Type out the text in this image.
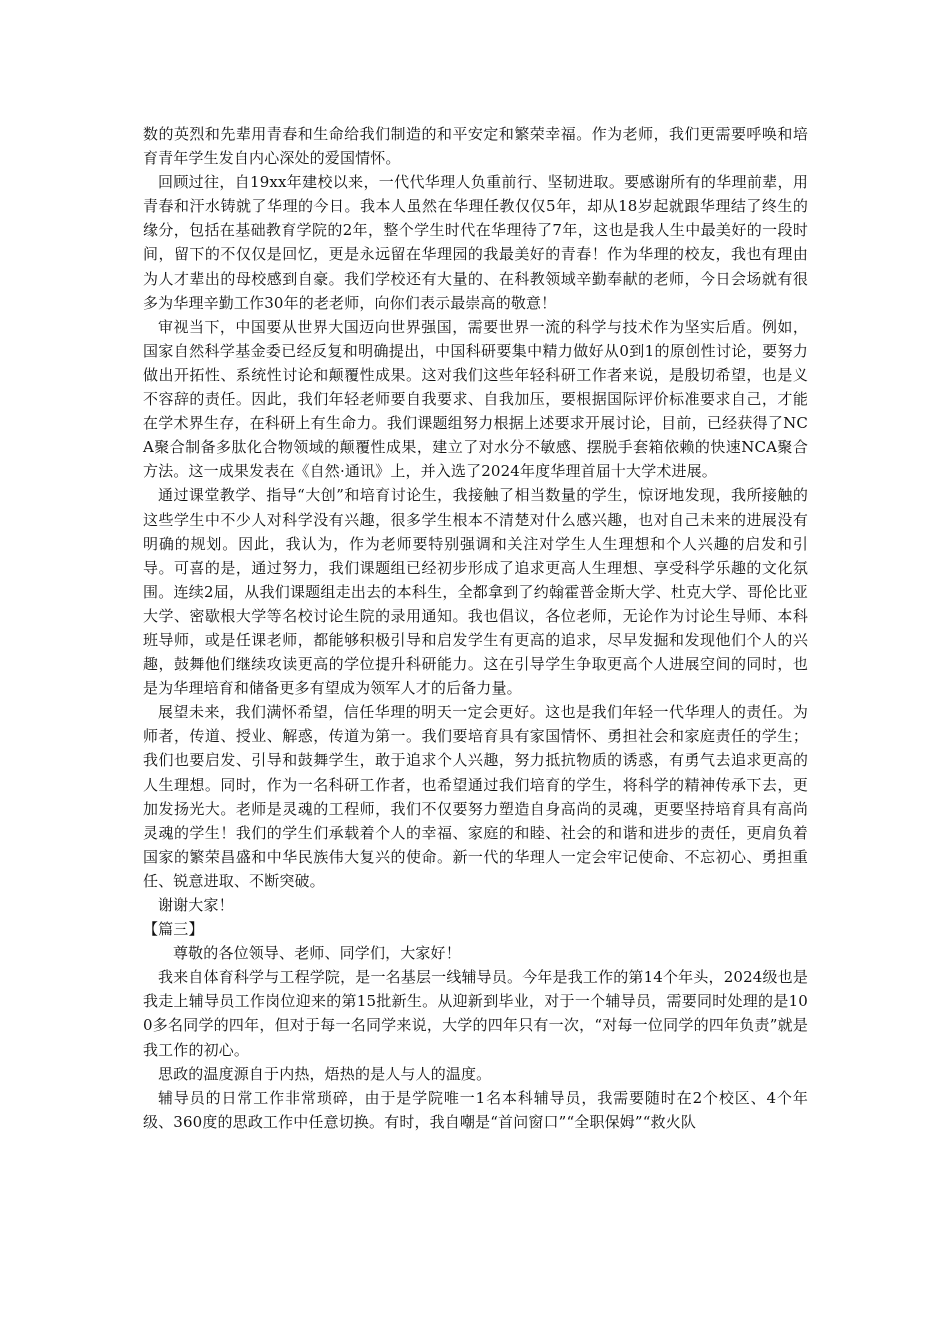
数的英烈和先辈用青春和生命给我们制造的和平安定和繁荣幸福。作为老师，我们更需要呼唤和培育青年学生发自内心深处的爱国情怀。

回顾过往，自19xx年建校以来，一代代华理人负重前行、坚韧进取。要感谢所有的华理前辈，用青春和汗水铸就了华理的今日。我本人虽然在华理任教仅仅5年，却从18岁起就跟华理结了终生的缘分，包括在基础教育学院的2年，整个学生时代在华理待了7年，这也是我人生中最美好的一段时间，留下的不仅仅是回忆，更是永远留在华理园的我最美好的青春！作为华理的校友，我也有理由为人才辈出的母校感到自豪。我们学校还有大量的、在科教领域辛勤奉献的老师，今日会场就有很多为华理辛勤工作30年的老老师，向你们表示最崇高的敬意！

审视当下，中国要从世界大国迈向世界强国，需要世界一流的科学与技术作为坚实后盾。例如，国家自然科学基金委已经反复和明确提出，中国科研要集中精力做好从0到1的原创性讨论，要努力做出开拓性、系统性讨论和颠覆性成果。这对我们这些年轻科研工作者来说，是殷切希望，也是义不容辞的责任。因此，我们年轻老师要自我要求、自我加压，要根据国际评价标准要求自己，才能在学术界生存，在科研上有生命力。我们课题组努力根据上述要求开展讨论，目前，已经获得了NCA聚合制备多肽化合物领域的颠覆性成果，建立了对水分不敏感、摆脱手套箱依赖的快速NCA聚合方法。这一成果发表在《自然·通讯》上，并入选了2024年度华理首届十大学术进展。

通过课堂教学、指导“大创”和培育讨论生，我接触了相当数量的学生，惊讶地发现，我所接触的这些学生中不少人对科学没有兴趣，很多学生根本不清楚对什么感兴趣，也对自己未来的进展没有明确的规划。因此，我认为，作为老师要特别强调和关注对学生人生理想和个人兴趣的启发和引导。可喜的是，通过努力，我们课题组已经初步形成了追求更高人生理想、享受科学乐趣的文化氛围。连续2届，从我们课题组走出去的本科生，全都拿到了约翰霍普金斯大学、杜克大学、哥伦比亚大学、密歇根大学等名校讨论生院的录用通知。我也倡议，各位老师，无论作为讨论生导师、本科班导师，或是任课老师，都能够积极引导和启发学生有更高的追求，尽早发掘和发现他们个人的兴趣，鼓舞他们继续攻读更高的学位提升科研能力。这在引导学生争取更高个人进展空间的同时，也是为华理培育和储备更多有望成为领军人才的后备力量。

展望未来，我们满怀希望，信任华理的明天一定会更好。这也是我们年轻一代华理人的责任。为师者，传道、授业、解惑，传道为第一。我们要培育具有家国情怀、勇担社会和家庭责任的学生；我们也要启发、引导和鼓舞学生，敢于追求个人兴趣，努力抵抗物质的诱惑，有勇气去追求更高的人生理想。同时，作为一名科研工作者，也希望通过我们培育的学生，将科学的精神传承下去，更加发扬光大。老师是灵魂的工程师，我们不仅要努力塑造自身高尚的灵魂，更要坚持培育具有高尚灵魂的学生！我们的学生们承载着个人的幸福、家庭的和睦、社会的和谐和进步的责任，更肩负着国家的繁荣昌盛和中华民族伟大复兴的使命。新一代的华理人一定会牢记使命、不忘初心、勇担重任、锐意进取、不断突破。

谢谢大家！

【篇三】

尊敬的各位领导、老师、同学们，大家好！

我来自体育科学与工程学院，是一名基层一线辅导员。今年是我工作的第14个年头，2024级也是我走上辅导员工作岗位迎来的第15批新生。从迎新到毕业，对于一个辅导员，需要同时处理的是100多名同学的四年，但对于每一名同学来说，大学的四年只有一次，“对每一位同学的四年负责”就是我工作的初心。

思政的温度源自于内热，焐热的是人与人的温度。

辅导员的日常工作非常琐碎，由于是学院唯一1名本科辅导员，我需要随时在2个校区、4个年级、360度的思政工作中任意切换。有时，我自嘲是“首问窗口”“全职保姆”“救火队
